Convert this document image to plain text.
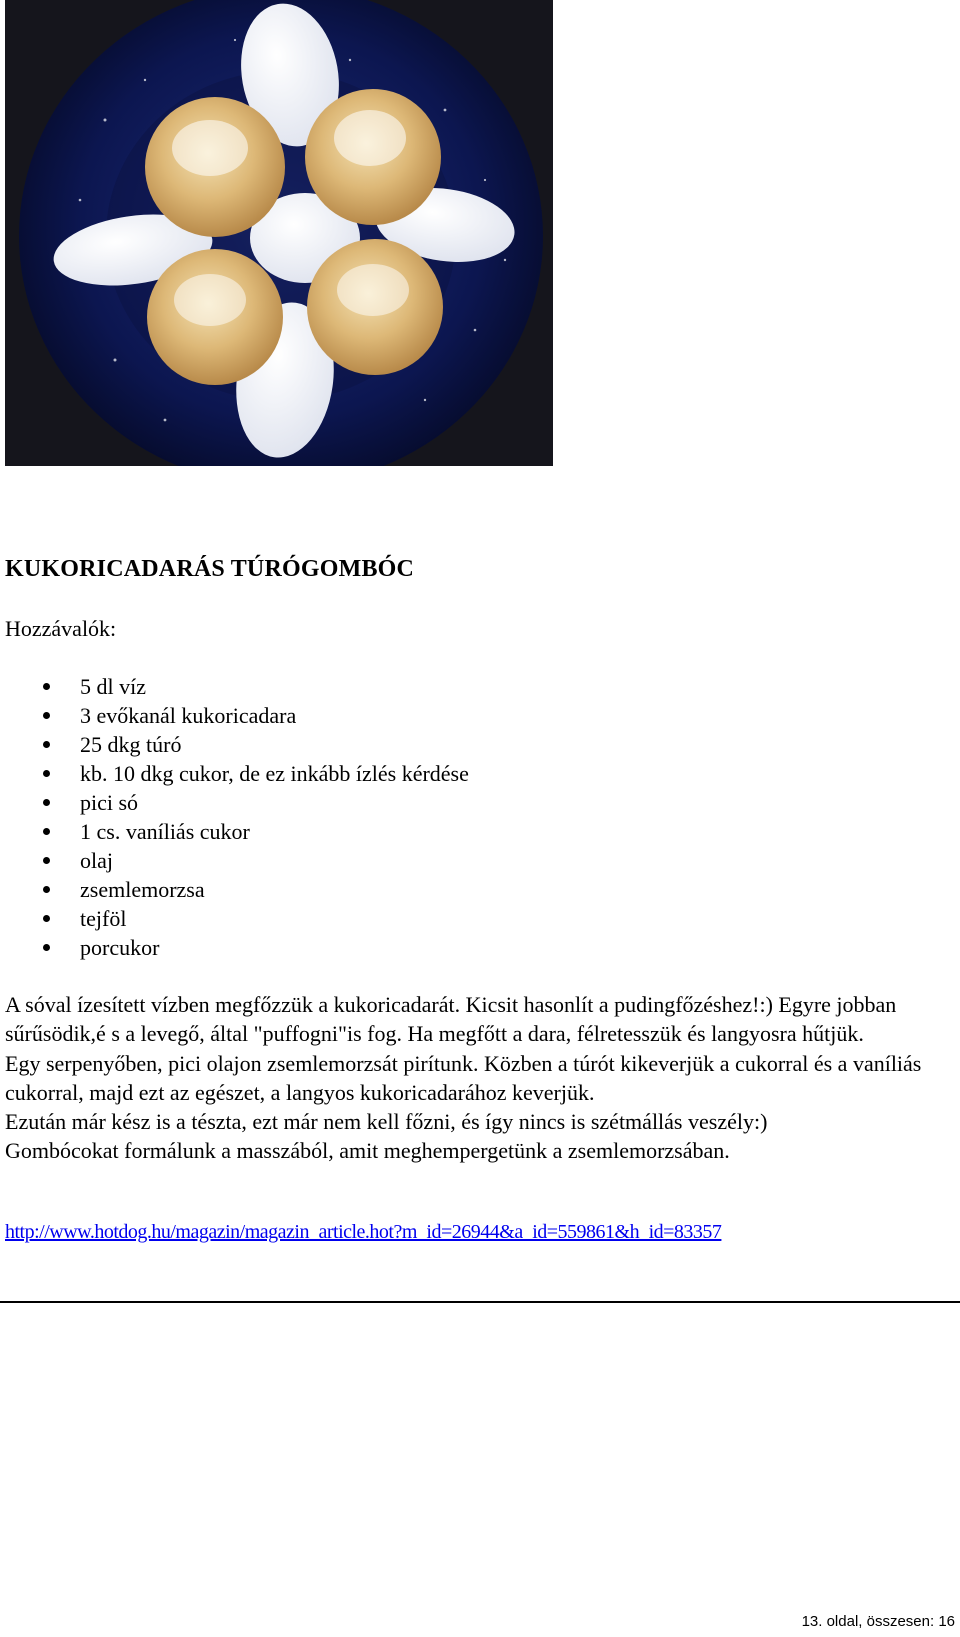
KUKORICADARÁS TÚRÓGOMBÓC
Hozzávalók:
5 dl víz
3 evőkanál kukoricadara
25 dkg túró
kb. 10 dkg cukor, de ez inkább ízlés kérdése
pici só
1 cs. vaníliás cukor
olaj
zsemlemorzsa
tejföl
porcukor

A sóval ízesített vízben megfőzzük a kukoricadarát. Kicsit hasonlít a pudingfőzéshez!:) Egyre jobban sűrűsödik,é s a levegő, által "puffogni"is fog. Ha megfőtt a dara, félretesszük és langyosra hűtjük.

Egy serpenyőben, pici olajon zsemlemorzsát pirítunk. Közben a túrót kikeverjük a cukorral és a vaníliás cukorral, majd ezt az egészet, a langyos kukoricadarához keverjük.

Ezután már kész is a tészta, ezt már nem kell főzni, és így nincs is szétmállás veszély:)

Gombócokat formálunk a masszából, amit meghempergetünk a zsemlemorzsában.

http://www.hotdog.hu/magazin/magazin_article.hot?m_id=26944&a_id=559861&h_id=83357
13. oldal, összesen: 16
